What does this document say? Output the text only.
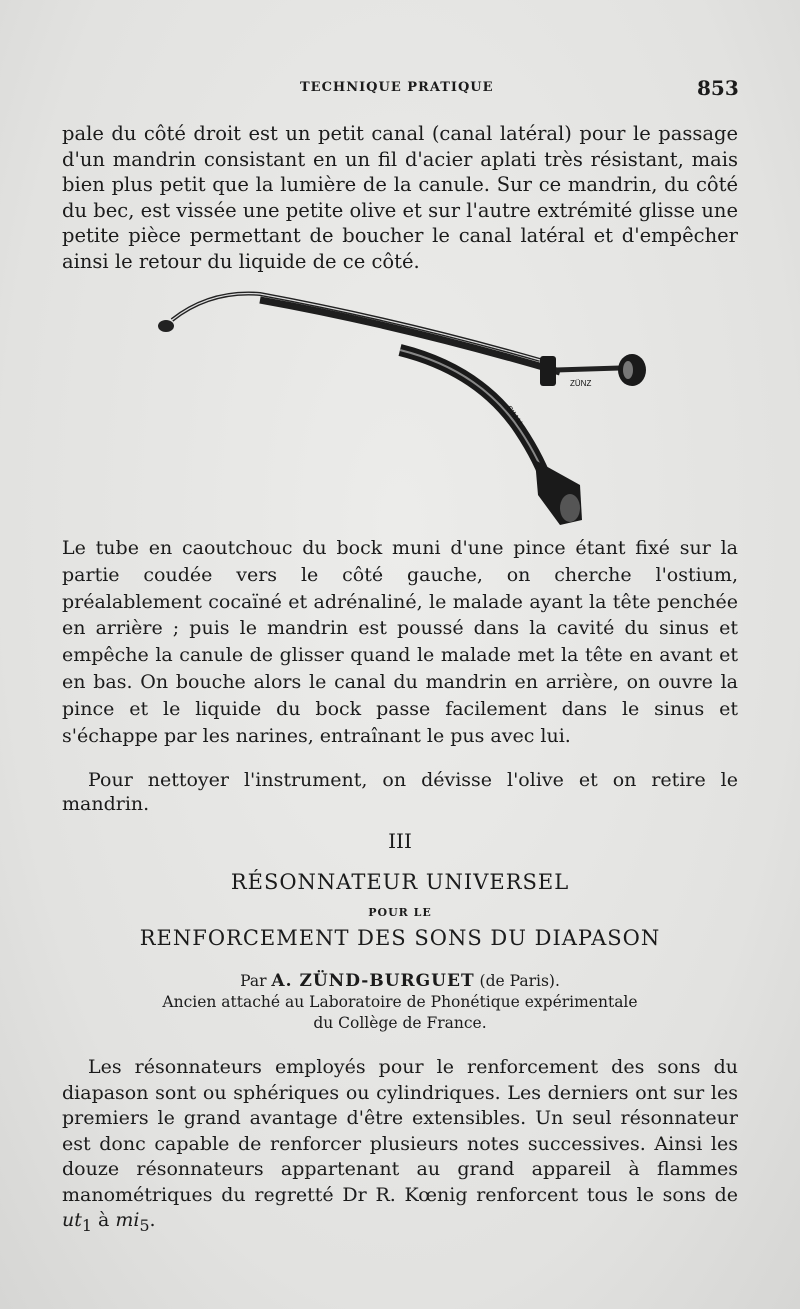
TECHNIQUE PRATIQUE	853

pale du côté droit est un petit canal (canal latéral) pour le passage d'un mandrin consistant en un fil d'acier aplati très résistant, mais bien plus petit que la lumière de la canule. Sur ce mandrin, du côté du bec, est vissée une petite olive et sur l'autre extrémité glisse une petite pièce permettant de boucher le canal latéral et d'empêcher ainsi le retour du liquide de ce côté.

SIMAL
ZÜNZ

Le tube en caoutchouc du bock muni d'une pince étant fixé sur la partie coudée vers le côté gauche, on cherche l'ostium, préalablement cocaïné et adrénaliné, le malade ayant la tête penchée en arrière ; puis le mandrin est poussé dans la cavité du sinus et empêche la canule de glisser quand le malade met la tête en avant et en bas. On bouche alors le canal du mandrin en arrière, on ouvre la pince et le liquide du bock passe facilement dans le sinus et s'échappe par les narines, entraînant le pus avec lui.

Pour nettoyer l'instrument, on dévisse l'olive et on retire le mandrin.

III

RÉSONNATEUR UNIVERSEL

POUR LE

RENFORCEMENT DES SONS DU DIAPASON

Par A. ZÜND-BURGUET (de Paris).

Ancien attaché au Laboratoire de Phonétique expérimentale

du Collège de France.

Les résonnateurs employés pour le renforcement des sons du diapason sont ou sphériques ou cylindriques. Les derniers ont sur les premiers le grand avantage d'être extensibles. Un seul résonnateur est donc capable de renforcer plusieurs notes successives. Ainsi les douze résonnateurs appartenant au grand appareil à flammes manométriques du regretté Dr R. Kœnig renforcent tous le sons de $ut_1$ à $mi_5$.
